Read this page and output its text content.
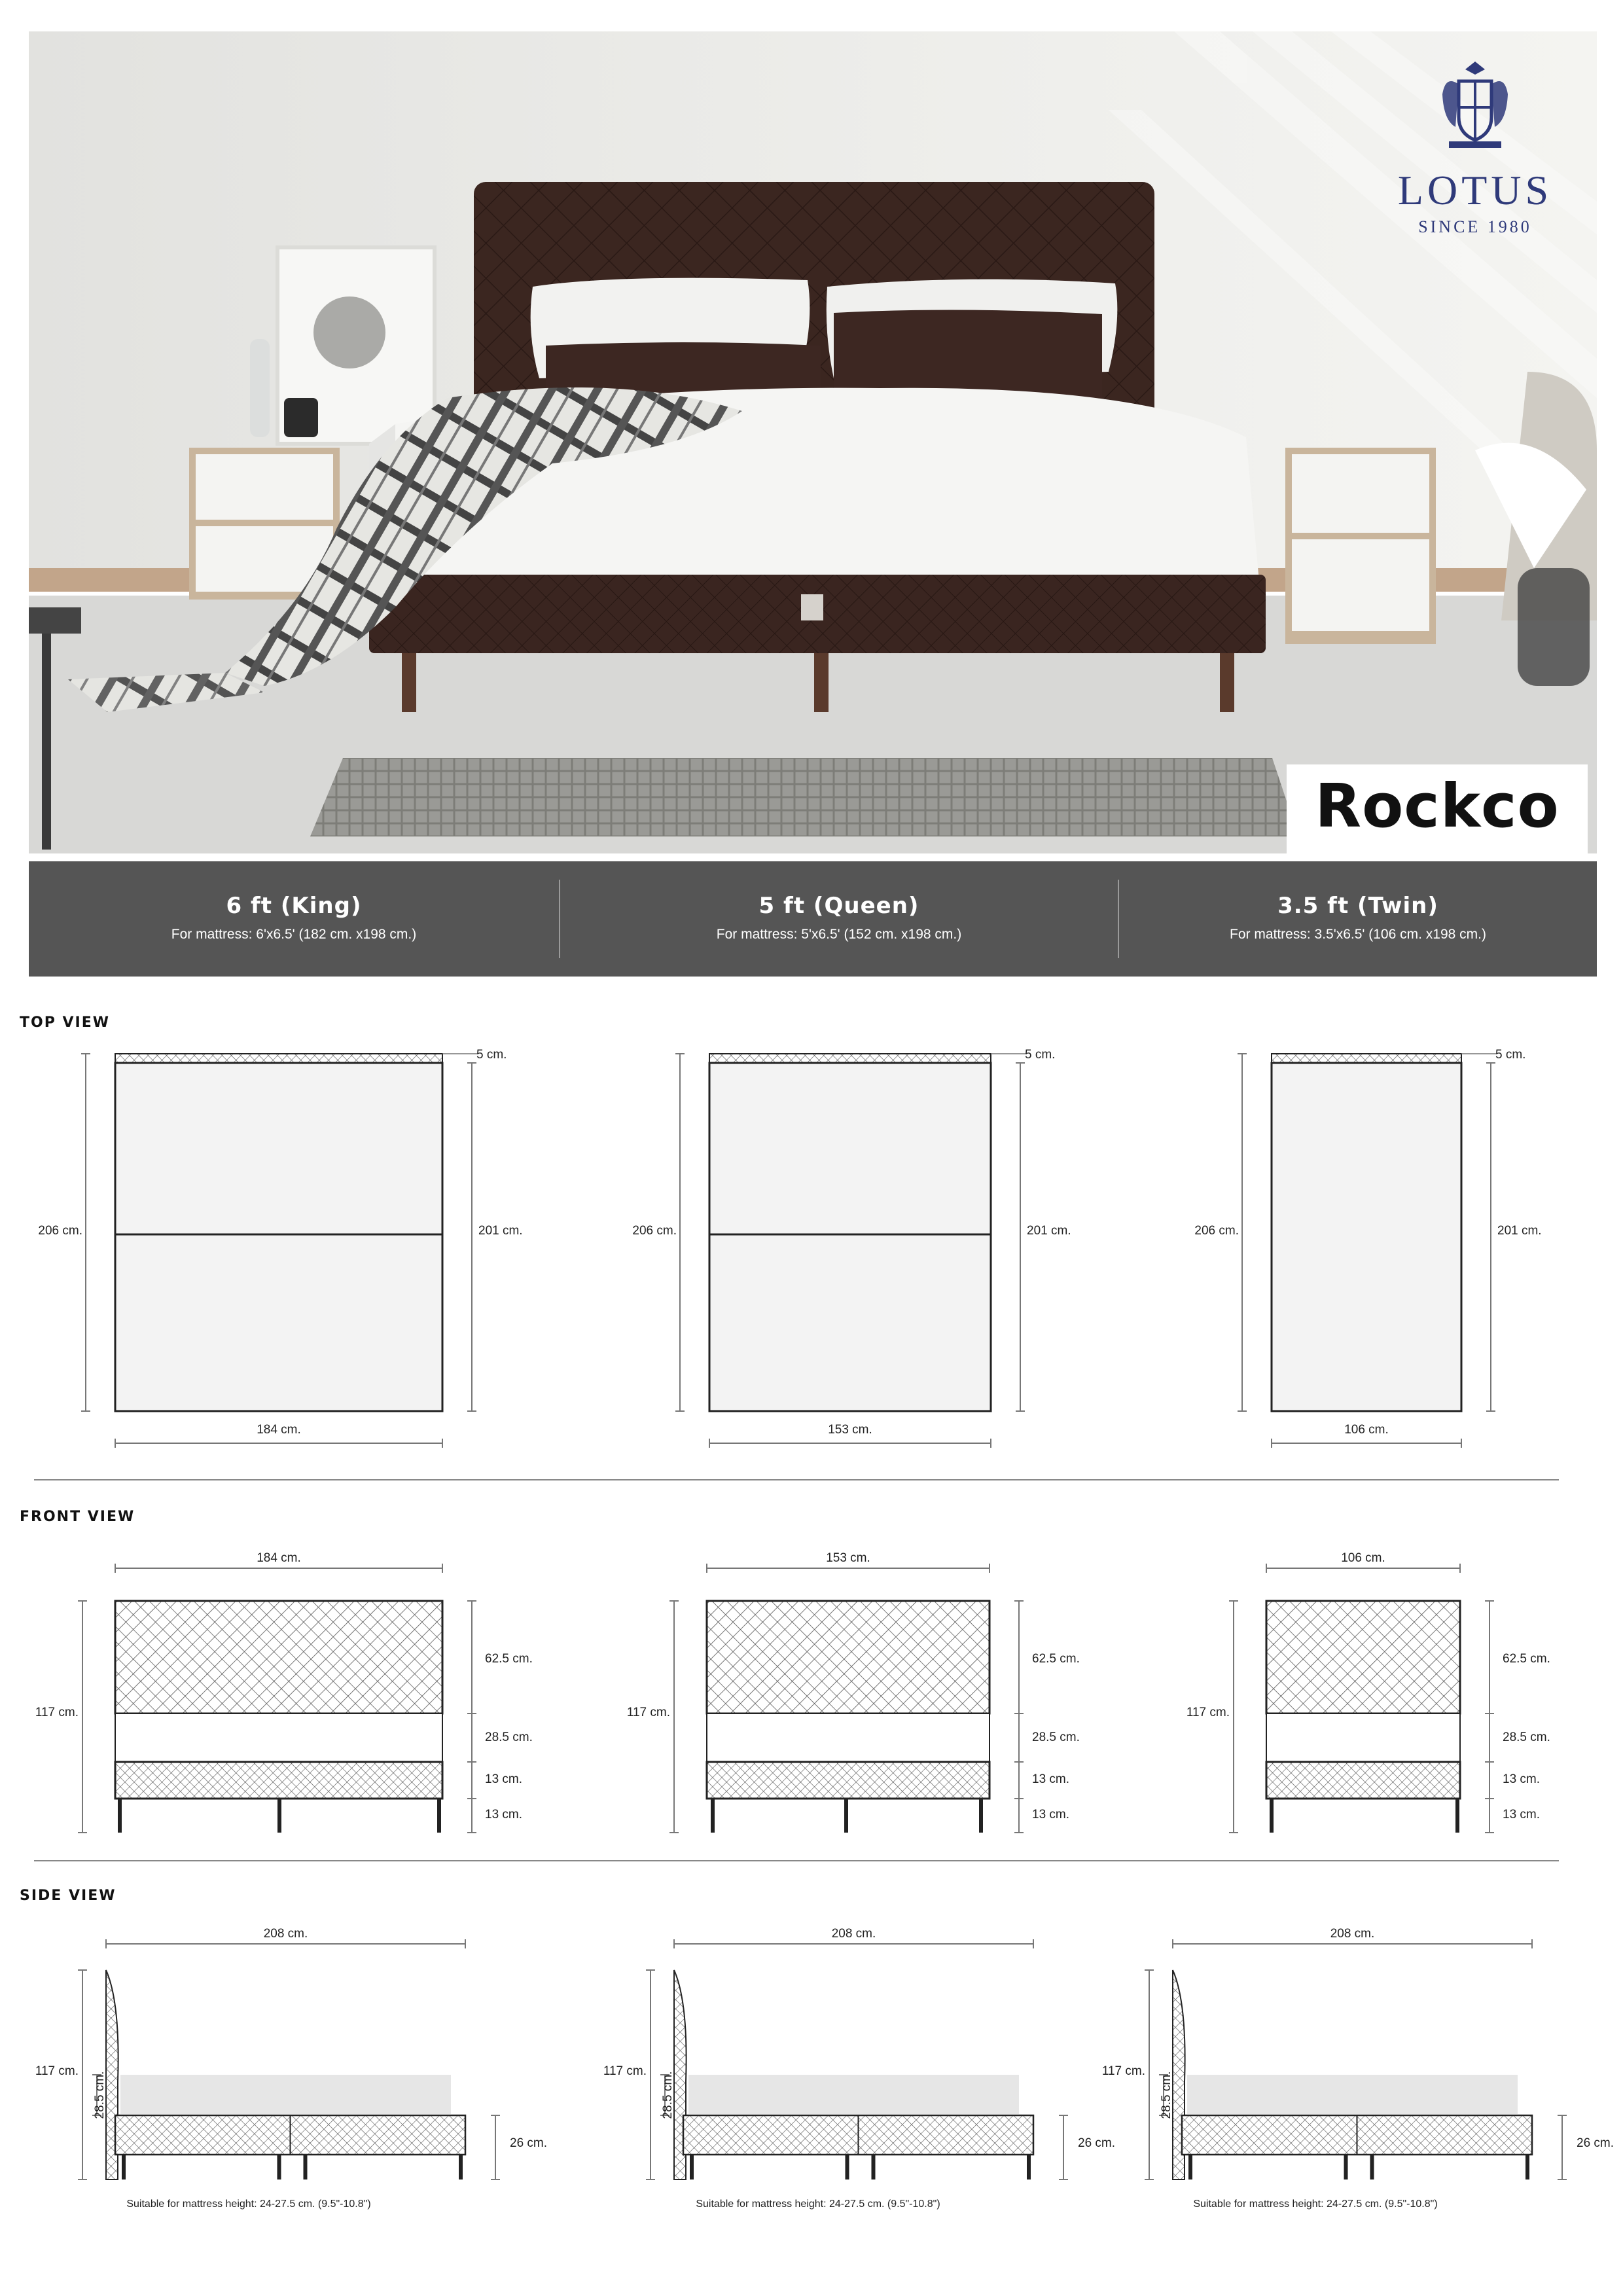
LOTUS
SINCE 1980
Rockco
6 ft (King)
For mattress: 6'x6.5' (182 cm. x198 cm.)
5 ft (Queen)
For mattress: 5'x6.5' (152 cm. x198 cm.)
3.5 ft (Twin)
For mattress: 3.5'x6.5' (106 cm. x198 cm.)
TOP VIEW
FRONT VIEW
SIDE VIEW
206 cm.	201 cm.
5 cm.
184 cm.
206 cm.	201 cm.
5 cm.
153 cm.
206 cm.	201 cm.
5 cm.
106 cm.
184 cm.
117 cm.
62.5 cm.
28.5 cm.
13 cm.
13 cm.
153 cm.
117 cm.
62.5 cm.
28.5 cm.
13 cm.
13 cm.
106 cm.
117 cm.
62.5 cm.
28.5 cm.
13 cm.
13 cm.
208 cm.
117 cm.
28.5 cm.
26 cm.
Suitable for mattress height: 24-27.5 cm. (9.5"-10.8")
208 cm.
117 cm.
28.5 cm.
26 cm.
Suitable for mattress height: 24-27.5 cm. (9.5"-10.8")
208 cm.
117 cm.
28.5 cm.
26 cm.
Suitable for mattress height: 24-27.5 cm. (9.5"-10.8")
